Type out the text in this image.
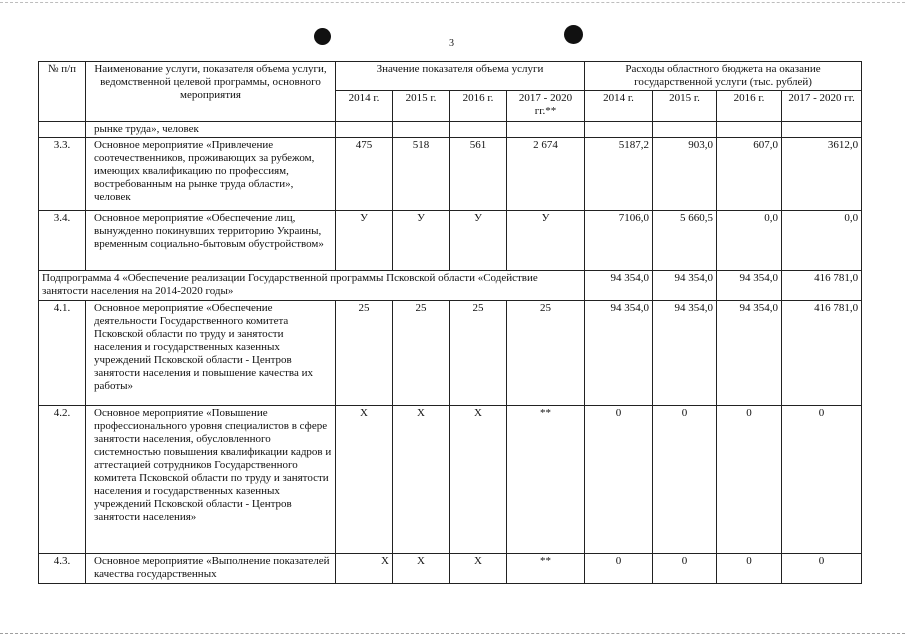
3
№ п/п	Наименование услуги, показателя объема услуги, ведомственной целевой программы, основного мероприятия	Значение показателя объема услуги				Расходы областного бюджета на оказание государственной услуги (тыс. рублей)			
		2014 г.	2015 г.	2016 г.	2017 - 2020 гг.**	2014 г.	2015 г.	2016 г.	2017 - 2020 гг.
	рынке труда», человек								
3.3.	Основное мероприятие «Привлечение соотечественников, проживающих за рубежом, имеющих квалификацию по профессиям, востребованным на рынке труда области», человек	475	518	561	2 674	5187,2	903,0	607,0	3612,0
3.4.	Основное мероприятие «Обеспечение лиц, вынужденно покинувших территорию Украины, временным социально-бытовым обустройством»	У	У	У	У	7106,0	5 660,5	0,0	0,0
Подпрограмма 4 «Обеспечение реализации Государственной программы Псковской области «Содействие занятости населения на 2014-2020 годы»						94 354,0	94 354,0	94 354,0	416 781,0
4.1.	Основное мероприятие «Обеспечение деятельности Государственного комитета Псковской области по труду и занятости населения и государственных казенных учреждений Псковской области - Центров занятости населения и повышение качества их работы»	25	25	25	25	94 354,0	94 354,0	94 354,0	416 781,0
4.2.	Основное мероприятие «Повышение профессионального уровня специалистов в сфере занятости населения, обусловленного системностью повышения квалификации кадров и аттестацией сотрудников Государственного комитета Псковской области по труду и занятости населения и государственных казенных учреждений Псковской области - Центров занятости населения»	Х	Х	Х	**	0	0	0	0
4.3.	Основное мероприятие «Выполнение показателей качества государственных	Х	Х	Х	**	0	0	0	0
